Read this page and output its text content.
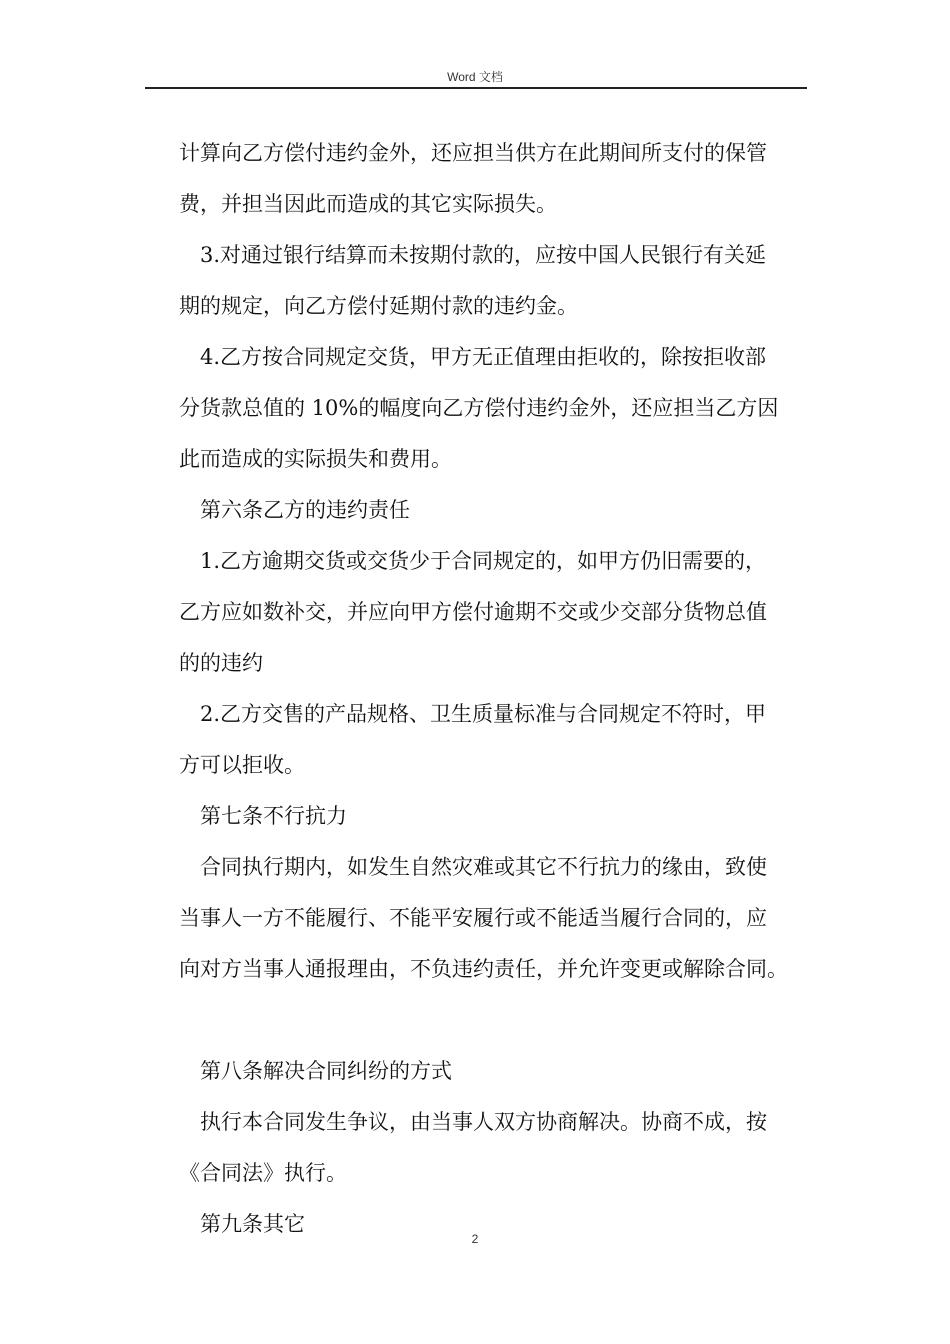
Word 文档

计算向乙方偿付违约金外，还应担当供方在此期间所支付的保管

费，并担当因此而造成的其它实际损失。

3.对通过银行结算而未按期付款的，应按中国人民银行有关延

期的规定，向乙方偿付延期付款的违约金。

4.乙方按合同规定交货，甲方无正值理由拒收的，除按拒收部

分货款总值的 10%的幅度向乙方偿付违约金外，还应担当乙方因

此而造成的实际损失和费用。

第六条乙方的违约责任

1.乙方逾期交货或交货少于合同规定的，如甲方仍旧需要的，

乙方应如数补交，并应向甲方偿付逾期不交或少交部分货物总值

的的违约

2.乙方交售的产品规格、卫生质量标准与合同规定不符时，甲

方可以拒收。

第七条不行抗力

合同执行期内，如发生自然灾难或其它不行抗力的缘由，致使

当事人一方不能履行、不能平安履行或不能适当履行合同的，应

向对方当事人通报理由，不负违约责任，并允许变更或解除合同。

第八条解决合同纠纷的方式

执行本合同发生争议，由当事人双方协商解决。协商不成，按

《合同法》执行。

第九条其它

2
